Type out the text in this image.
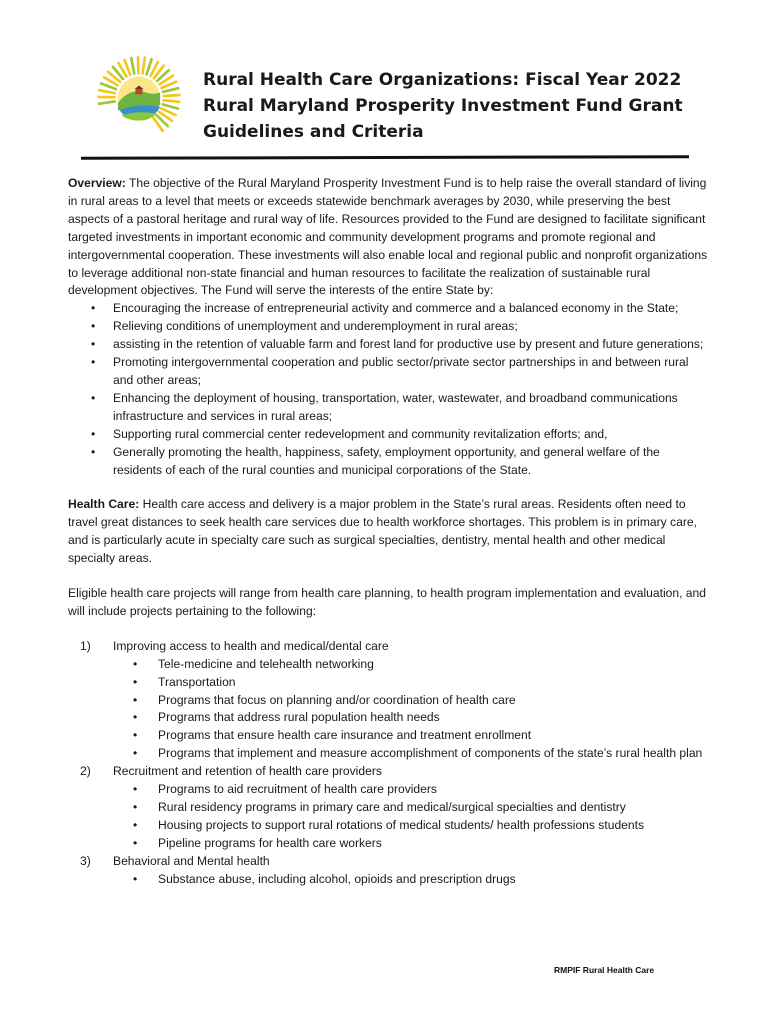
Rural Health Care Organizations: Fiscal Year 2022
Rural Maryland Prosperity Investment Fund Grant
Guidelines and Criteria

Overview: The objective of the Rural Maryland Prosperity Investment Fund is to help raise the overall standard of living in rural areas to a level that meets or exceeds statewide benchmark averages by 2030, while preserving the best aspects of a pastoral heritage and rural way of life. Resources provided to the Fund are designed to facilitate significant targeted investments in important economic and community development programs and promote regional and intergovernmental cooperation. These investments will also enable local and regional public and nonprofit organizations to leverage additional non-state financial and human resources to facilitate the realization of sustainable rural development objectives. The Fund will serve the interests of the entire State by:

• Encouraging the increase of entrepreneurial activity and commerce and a balanced economy in the State;
• Relieving conditions of unemployment and underemployment in rural areas;
• assisting in the retention of valuable farm and forest land for productive use by present and future generations;
• Promoting intergovernmental cooperation and public sector/private sector partnerships in and between rural and other areas;
• Enhancing the deployment of housing, transportation, water, wastewater, and broadband communications infrastructure and services in rural areas;
• Supporting rural commercial center redevelopment and community revitalization efforts; and,
• Generally promoting the health, happiness, safety, employment opportunity, and general welfare of the residents of each of the rural counties and municipal corporations of the State.

Health Care: Health care access and delivery is a major problem in the State’s rural areas. Residents often need to travel great distances to seek health care services due to health workforce shortages. This problem is in primary care, and is particularly acute in specialty care such as surgical specialties, dentistry, mental health and other medical specialty areas.

Eligible health care projects will range from health care planning, to health program implementation and evaluation, and will include projects pertaining to the following:

1) Improving access to health and medical/dental care
• Tele-medicine and telehealth networking
• Transportation
• Programs that focus on planning and/or coordination of health care
• Programs that address rural population health needs
• Programs that ensure health care insurance and treatment enrollment
• Programs that implement and measure accomplishment of components of the state’s rural health plan
2) Recruitment and retention of health care providers
• Programs to aid recruitment of health care providers
• Rural residency programs in primary care and medical/surgical specialties and dentistry
• Housing projects to support rural rotations of medical students/ health professions students
• Pipeline programs for health care workers
3) Behavioral and Mental health
• Substance abuse, including alcohol, opioids and prescription drugs
RMPIF Rural Health Care
